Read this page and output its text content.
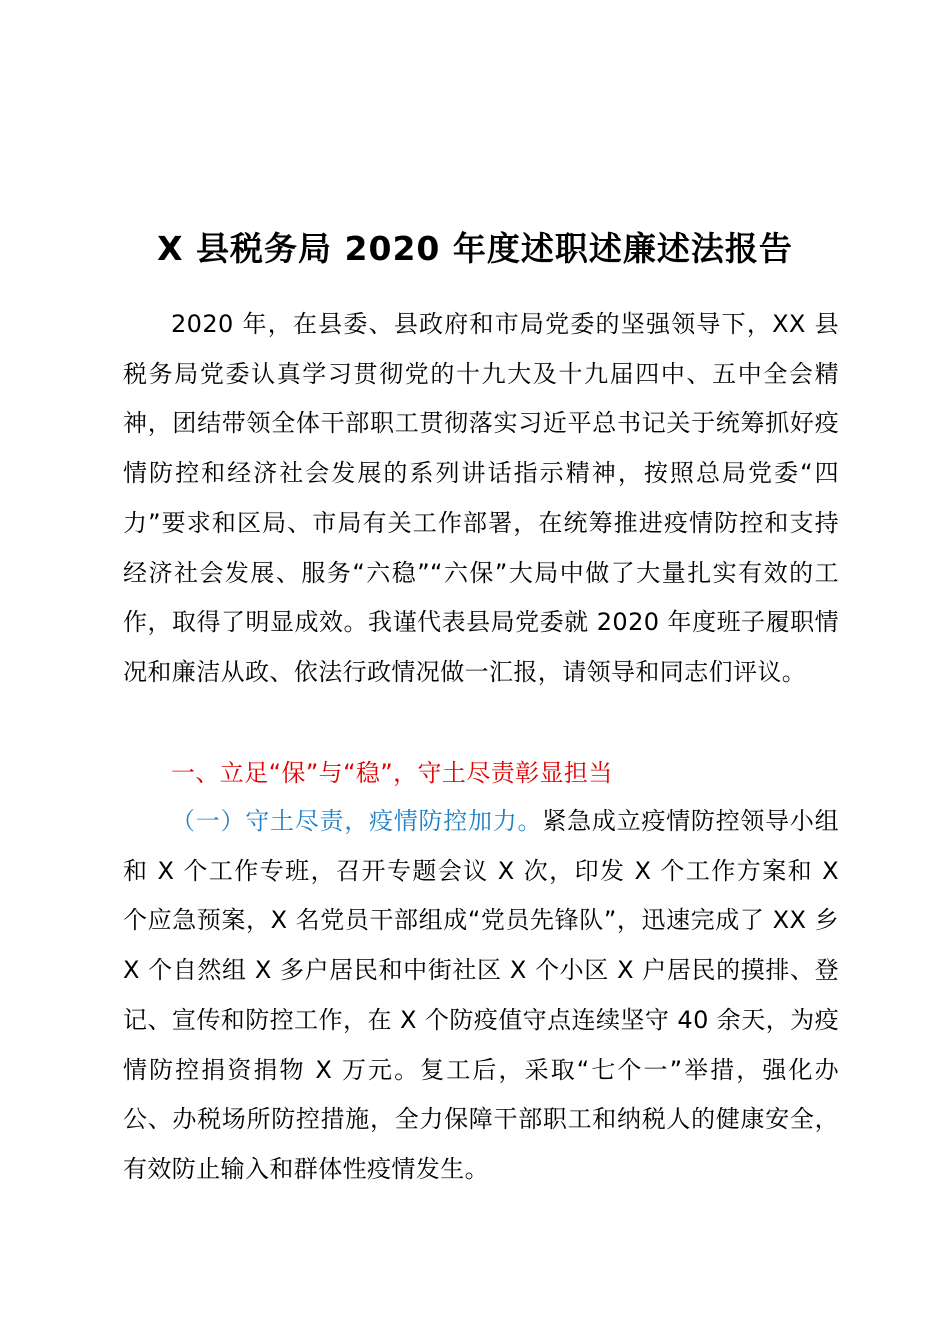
X 县税务局 2020 年度述职述廉述法报告
2020 年，在县委、县政府和市局党委的坚强领导下，XX 县税务局党委认真学习贯彻党的十九大及十九届四中、五中全会精神，团结带领全体干部职工贯彻落实习近平总书记关于统筹抓好疫情防控和经济社会发展的系列讲话指示精神，按照总局党委“四力”要求和区局、市局有关工作部署，在统筹推进疫情防控和支持经济社会发展、服务“六稳”“六保”大局中做了大量扎实有效的工作，取得了明显成效。我谨代表县局党委就 2020 年度班子履职情况和廉洁从政、依法行政情况做一汇报，请领导和同志们评议。
一、立足“保”与“稳”，守土尽责彰显担当
（一）守土尽责，疫情防控加力。紧急成立疫情防控领导小组和 X 个工作专班，召开专题会议 X 次，印发 X 个工作方案和 X 个应急预案，X 名党员干部组成“党员先锋队”，迅速完成了 XX 乡 X 个自然组 X 多户居民和中街社区 X 个小区 X 户居民的摸排、登记、宣传和防控工作，在 X 个防疫值守点连续坚守 40 余天，为疫情防控捐资捐物 X 万元。复工后，采取“七个一”举措，强化办公、办税场所防控措施，全力保障干部职工和纳税人的健康安全，有效防止输入和群体性疫情发生。
